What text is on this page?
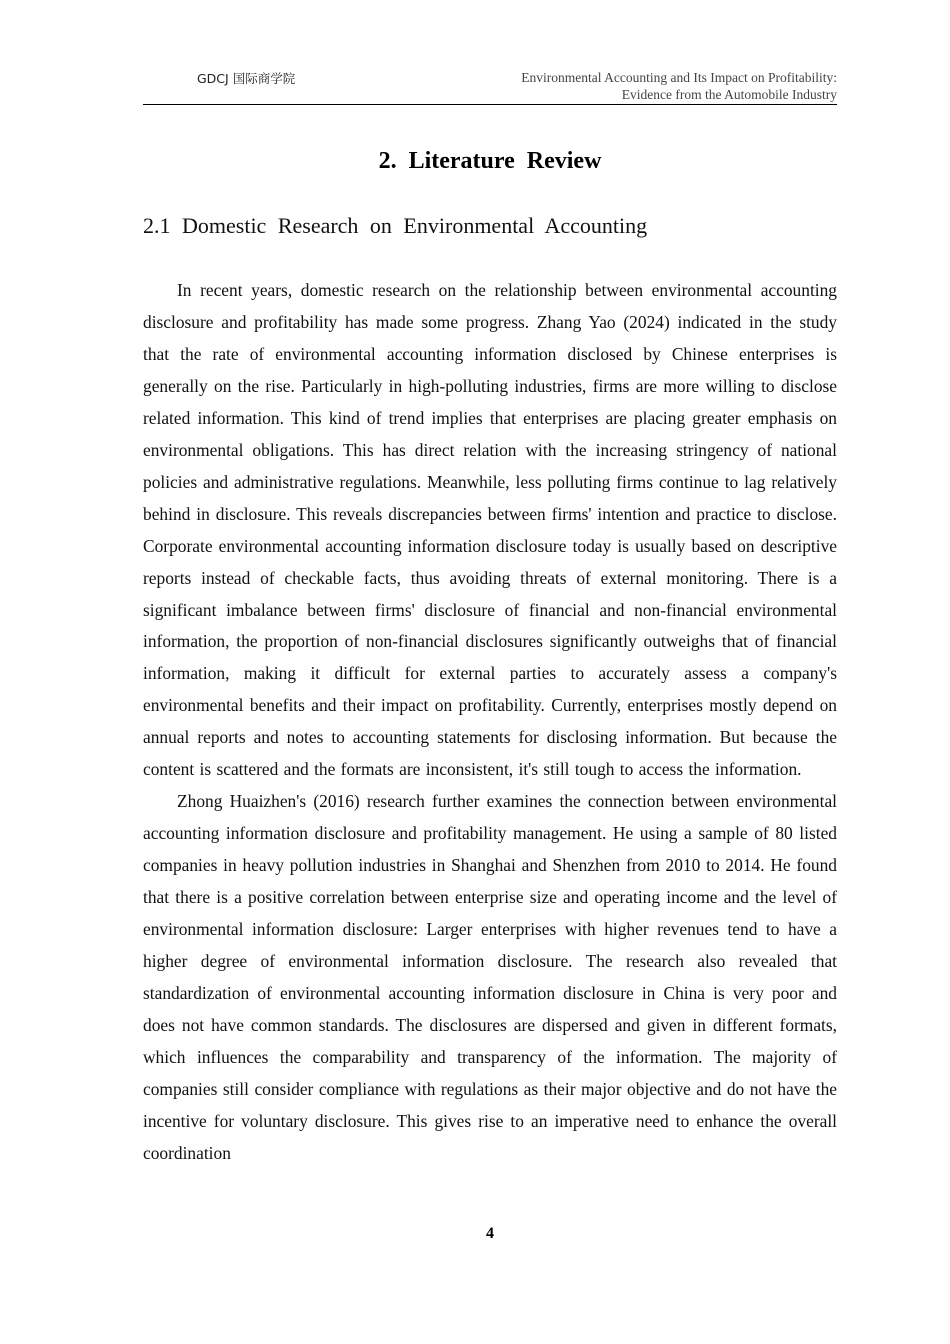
GDCJ 国际商学院	Environmental Accounting and Its Impact on Profitability:
Evidence from the Automobile Industry
2. Literature Review
2.1 Domestic Research on Environmental Accounting

In recent years, domestic research on the relationship between environmental accounting disclosure and profitability has made some progress. Zhang Yao (2024) indicated in the study that the rate of environmental accounting information disclosed by Chinese enterprises is generally on the rise. Particularly in high-polluting industries, firms are more willing to disclose related information. This kind of trend implies that enterprises are placing greater emphasis on environmental obligations. This has direct relation with the increasing stringency of national policies and administrative regulations. Meanwhile, less polluting firms continue to lag relatively behind in disclosure. This reveals discrepancies between firms' intention and practice to disclose. Corporate environmental accounting information disclosure today is usually based on descriptive reports instead of checkable facts, thus avoiding threats of external monitoring. There is a significant imbalance between firms' disclosure of financial and non-financial environmental information, the proportion of non-financial disclosures significantly outweighs that of financial information, making it difficult for external parties to accurately assess a company's environmental benefits and their impact on profitability. Currently, enterprises mostly depend on annual reports and notes to accounting statements for disclosing information. But because the content is scattered and the formats are inconsistent, it's still tough to access the information.

Zhong Huaizhen's (2016) research further examines the connection between environmental accounting information disclosure and profitability management. He using a sample of 80 listed companies in heavy pollution industries in Shanghai and Shenzhen from 2010 to 2014. He found that there is a positive correlation between enterprise size and operating income and the level of environmental information disclosure: Larger enterprises with higher revenues tend to have a higher degree of environmental information disclosure. The research also revealed that standardization of environmental accounting information disclosure in China is very poor and does not have common standards. The disclosures are dispersed and given in different formats, which influences the comparability and transparency of the information. The majority of companies still consider compliance with regulations as their major objective and do not have the incentive for voluntary disclosure. This gives rise to an imperative need to enhance the overall coordination

4
